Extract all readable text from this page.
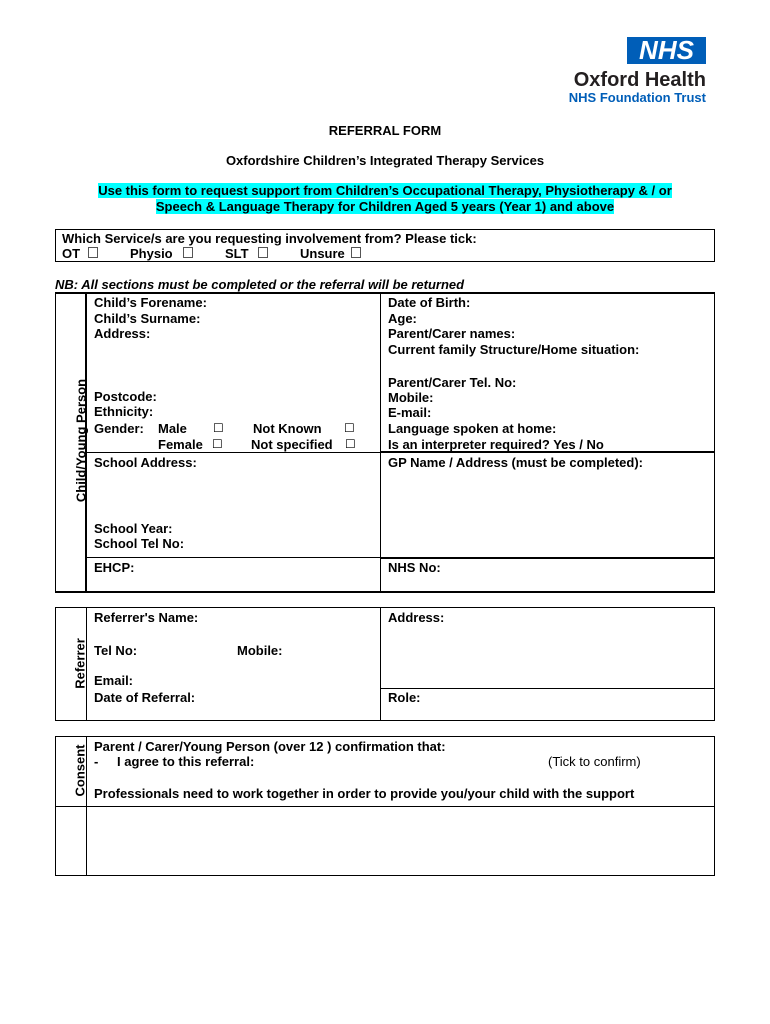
NHS
Oxford Health
NHS Foundation Trust
REFERRAL FORM
Oxfordshire Children’s Integrated Therapy Services
Use this form to request support from Children’s Occupational Therapy, Physiotherapy & / or
Speech & Language Therapy for Children Aged 5 years (Year 1) and above
Which Service/s are you requesting involvement from? Please tick:
OT	Physio	SLT	Unsure
NB: All sections must be completed or the referral will be returned
Child/Young Person
Child’s Forename:
Child’s Surname:
Address:
Postcode:
Ethnicity:
Gender: Male ☐ Not Known ☐
Female ☐ Not specified ☐
Date of Birth:
Age:
Parent/Carer names:
Current family Structure/Home situation:
Parent/Carer Tel. No:
Mobile:
E-mail:
Language spoken at home:
Is an interpreter required? Yes / No
School Address:	GP Name / Address (must be completed):
School Year:
School Tel No:
EHCP:	NHS No:
Referrer
Referrer's Name:	Address:
Tel No:	Mobile:
Email:
Date of Referral:	Role:
Consent Parent / Carer/Young Person (over 12 ) confirmation that:
- I agree to this referral:	(Tick to confirm)
Professionals need to work together in order to provide you/your child with the support
